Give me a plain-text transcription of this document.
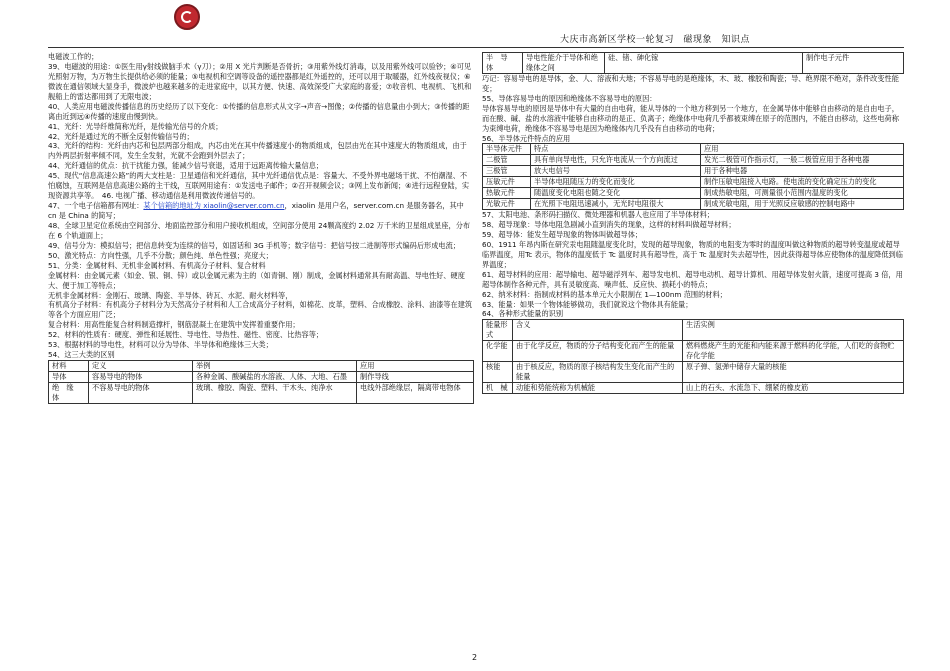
大庆市高新区学校一轮复习　磁现象　知识点

电磁波工作的；

39、电磁波的用途：①医生用γ射线做脑手术（γ刀）；②用 X 光片判断是否骨折；③用紫外线灯消毒，以及用紫外线可以验钞；④可见光照射万物，为万物生长提供给必须的能量；⑤电视机和空调等设备的遥控器都是红外遥控的，还可以用于取暖器，红外线夜视仪；⑥微波在通信领域大显身手，微波炉也越来越多的走进家庭中，以其方便、快速、高效深受广大家庭的喜爱；⑦收音机、电视机、飞机和舰船上的雷达都用到了无限电波；

40、人类应用电磁波传播信息的历史经历了以下变化：①传播的信息形式从文字→声音→图像；②传播的信息量由小到大；③传播的距离由近到远④传播的速度由慢到快。

41、光纤：光导纤维简称光纤，是传输光信号的介质；

42、光纤是通过光的不断全反射传输信号的；

43、光纤的结构：光纤由内芯和包层两部分组成，内芯由光在其中传播速度小的物质组成，包层由光在其中速度大的物质组成，由于内外两层折射率倾不同，发生全发射，光就不会跑到外层去了；

44、光纤通信的优点：抗干扰能力强，能减少信号衰退，适用于远距离传输大量信息；

45、现代“信息高速公路”的两大支柱是：卫星通信和光纤通信，其中光纤通信优点是：容量大、不受外界电磁场干扰、不怕潮湿、不怕腐蚀，互联网是信息高速公路的主干线，互联网用途有：①发送电子邮件；②召开视频会议；③网上发布新闻；④进行远程登陆，实现资源共享等。　 46. 电视广播、移动通信是利用微波传递信号的。

47、一个电子信箱都有网址：某个信箱的地址为 xiaolin@server.com.cn，xiaolin 是用户名，server.com.cn 是服务器名，其中 cn 是 China 的简写；

48、全球卫星定位系统由空间部分、地面监控部分和用户接收机组成，空间部分使用 24颗高度约 2.02 万千米的卫星组成星座，分布在 6 个轨道面上；

49、信号分为：模拟信号；把信息转变为连续的信号，如固话和 3G 手机等；数字信号：把信号按二进制等形式编码后形成电流；

50、激光特点：方向性强，几乎不分散；颜色纯、单色性强；亮度大；

51、分类：金属材料、无机非金属材料、有机高分子材料、复合材料

金属材料：由金属元素（如金、银、铜、锌）或以金属元素为主的（如青铜、刚）制成，金属材料通常具有耐高温、导电性好、硬度大、便于加工等特点；

无机非金属材料：金刚石、玻璃、陶瓷、半导体、砖瓦、水泥、耐火材料等，

有机高分子材料：有机高分子材料分为天然高分子材料和人工合成高分子材料，如棉花、皮革，塑料、合成橡胶、涂料、油漆等在建筑等各个方面应用广泛；

复合材料：用高性能复合材料制造撑杆，钢筋混凝土在建筑中发挥着重要作用；

52、材料的性质有：硬度、弹性和延展性、导电性、导热性、磁性、密度、比热容等；

53、根据材料的导电性，材料可以分为导体、半导体和绝缘体三大类；

54、这三大类的区别

材料	定义	举例	应用
导体	容易导电的物体	各种金属、酸碱盐的水溶液、人体、大地、石墨	制作导线
绝　缘　体	不容易导电的物体	玻璃、橡胶、陶瓷、塑料、干木头、纯净水	电线外部绝缘层，隔离带电物体
半　导　体	导电性能介于导体和绝缘体之间	硅、锗、砷化镓	制作电子元件

巧记：容易导电的是导体，金、人、溶液和大地；不容易导电的是绝缘体，木、玻、橡胶和陶瓷；导、绝界限不绝对，条件改变性能变；

55、导体容易导电的原因和绝缘体不容易导电的原因：

导体容易导电的原因是导体中有大量的自由电荷，能从导体的一个地方移到另一个地方，在金属导体中能够自由移动的是自由电子，而在酸、碱、盐的水溶液中能够自由移动的是正、负离子；绝缘体中电荷几乎都被束缚在原子的范围内，不能自由移动，这些电荷称为束缚电荷，绝缘体不容易导电是因为绝缘体内几乎没有自由移动的电荷；

56、半导体元件特点的应用

半导体元件	特点	应用
二极管	具有单向导电性，只允许电流从一个方向流过	发光二极管可作指示灯，一般二极管应用于各种电器
三极管	放大电信号	用于各种电器
压敏元件	半导体电阻随压力的变化而变化	制作压敏电阻接入电路。使电流的变化确定压力的变化
热敏元件	随温度变化电阻也随之变化	制成热敏电阻，可测量很小范围内温度的变化
光敏元件	在光照下电阻迅速减小，无光时电阻很大	制成光敏电阻，用于光照反应敏感的控制电路中

57、太阳电池、条形码扫描仪、微处理器和机器人也应用了半导体材料；

58、超导现象：导体电阻急剧减小直到消失的现象，这样的材料叫做超导材料；

59、超导体：能发生超导现象的物体叫做超导体；

60、1911 年昂内斯在研究汞电阻随温度变化时，发现的超导现象，物质的电阻变为零时的温度叫做这种物质的超导转变温度或超导临界温度，用Tc 表示，物体的温度低于 Tc 温度时具有超导性，高于 Tc 温度时失去超导性，因此获得超导体应使物体的温度降低到临界温度；

61、超导材料的应用：超导输电、超导磁浮列车、超导发电机、超导电动机、超导计算机、用超导体发射火箭，速度可提高 3 倍，用超导体制作各种元件，具有灵敏度高、噪声低、反应快、损耗小的特点；

62、纳米材料：指制成材料的基本单元大小限制在 1—100nm 范围的材料；

63、能量：如果一个物体能够做功，我们就说这个物体具有能量；

64、各种形式能量的识别

能量形式	含义	生活实例
化学能	由于化学反应，物质的分子结构变化而产生的能量	燃料燃烧产生的光能和内能来源于燃料的化学能，人们吃的食物贮存化学能
核能	由于核反应，物质的原子核结构发生变化而产生的能量	原子弹、氢弹中储存大量的核能
机　械	动能和势能统称为机械能	山上的石头、水流急下、绷紧的橡皮筋
2
